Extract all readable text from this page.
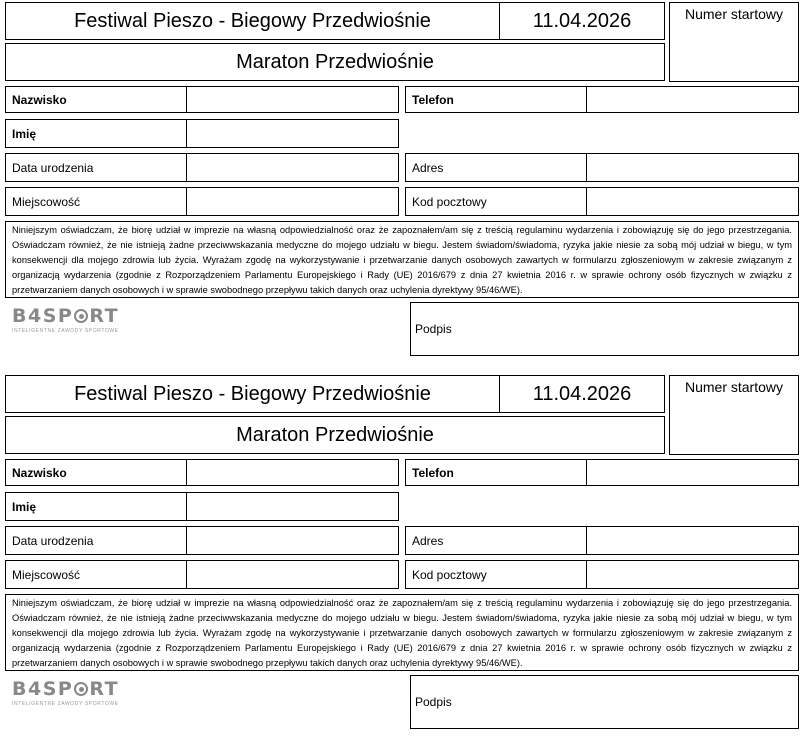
Festiwal Pieszo - Biegowy Przedwiośnie	11.04.2026	Numer startowy
Maraton Przedwiośnie
Nazwisko	Telefon
Imię
Data urodzenia	Adres
Miejscowość	Kod pocztowy
Niniejszym oświadczam, że biorę udział w imprezie na własną odpowiedzialność oraz że zapoznałem/am się z treścią regulaminu wydarzenia i zobowiązuję się do jego przestrzegania. Oświadczam również, że nie istnieją żadne przeciwwskazania medyczne do mojego udziału w biegu. Jestem świadom/świadoma, ryzyka jakie niesie za sobą mój udział w biegu, w tym konsekwencji dla mojego zdrowia lub życia. Wyrażam zgodę na wykorzystywanie i przetwarzanie danych osobowych zawartych w formularzu zgłoszeniowym w zakresie związanym z organizacją wydarzenia (zgodnie z Rozporządzeniem Parlamentu Europejskiego i Rady (UE) 2016/679 z dnia 27 kwietnia 2016 r. w sprawie ochrony osób fizycznych w związku z przetwarzaniem danych osobowych i w sprawie swobodnego przepływu takich danych oraz uchylenia dyrektywy 95/46/WE).
B4SP RT
INTELIGENTNE ZAWODY SPORTOWE	Podpis
Festiwal Pieszo - Biegowy Przedwiośnie	11.04.2026	Numer startowy
Maraton Przedwiośnie
Nazwisko	Telefon
Imię
Data urodzenia	Adres
Miejscowość	Kod pocztowy
Niniejszym oświadczam, że biorę udział w imprezie na własną odpowiedzialność oraz że zapoznałem/am się z treścią regulaminu wydarzenia i zobowiązuję się do jego przestrzegania. Oświadczam również, że nie istnieją żadne przeciwwskazania medyczne do mojego udziału w biegu. Jestem świadom/świadoma, ryzyka jakie niesie za sobą mój udział w biegu, w tym konsekwencji dla mojego zdrowia lub życia. Wyrażam zgodę na wykorzystywanie i przetwarzanie danych osobowych zawartych w formularzu zgłoszeniowym w zakresie związanym z organizacją wydarzenia (zgodnie z Rozporządzeniem Parlamentu Europejskiego i Rady (UE) 2016/679 z dnia 27 kwietnia 2016 r. w sprawie ochrony osób fizycznych w związku z przetwarzaniem danych osobowych i w sprawie swobodnego przepływu takich danych oraz uchylenia dyrektywy 95/46/WE).
B4SP RT
INTELIGENTNE ZAWODY SPORTOWE	Podpis
